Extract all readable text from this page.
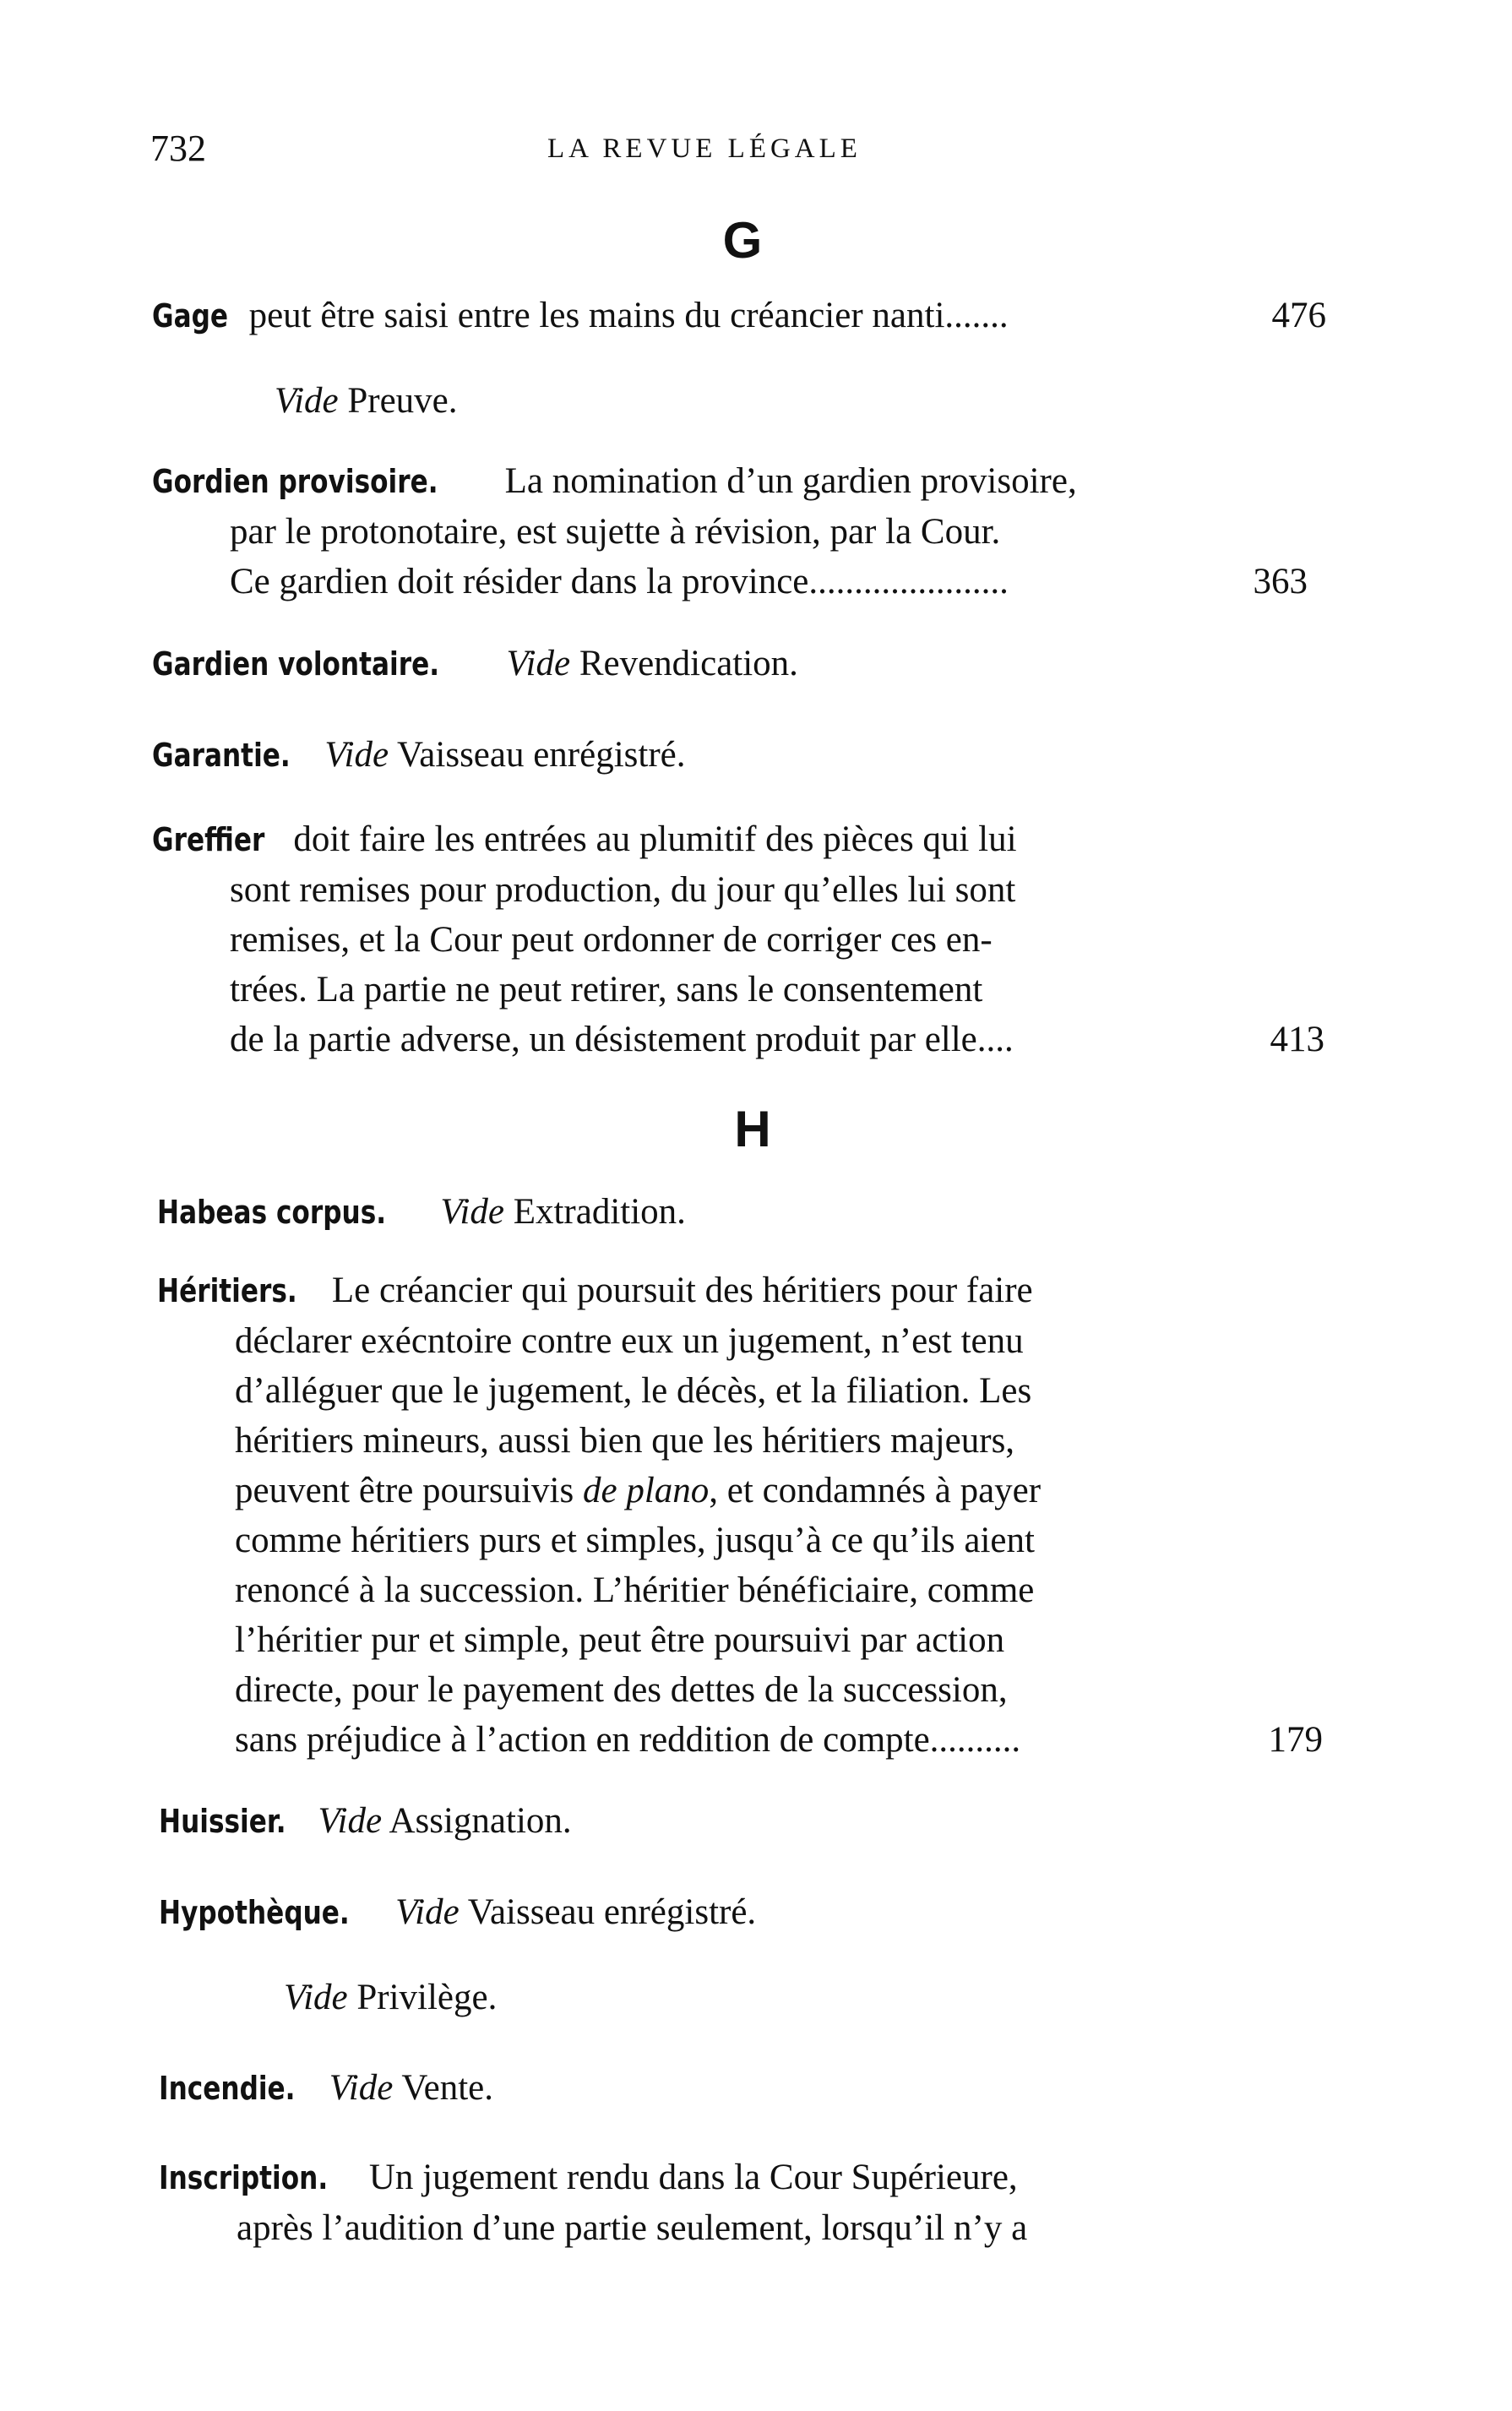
732	LA REVUE LÉGALE
G
Gage peut être saisi entre les mains du créancier nanti.......	476
Vide Preuve.
Gordien provisoire. La nomination d’un gardien provisoire,
par le protonotaire, est sujette à révision, par la Cour.
Ce gardien doit résider dans la province......................	363
Gardien volontaire. Vide Revendication.
Garantie. Vide Vaisseau enrégistré.
Greffier doit faire les entrées au plumitif des pièces qui lui
sont remises pour production, du jour qu’elles lui sont
remises, et la Cour peut ordonner de corriger ces en-
trées. La partie ne peut retirer, sans le consentement
de la partie adverse, un désistement produit par elle....	413
H
Habeas corpus. Vide Extradition.
Héritiers. Le créancier qui poursuit des héritiers pour faire
déclarer exécntoire contre eux un jugement, n’est tenu
d’alléguer que le jugement, le décès, et la filiation. Les
héritiers mineurs, aussi bien que les héritiers majeurs,
peuvent être poursuivis de plano, et condamnés à payer
comme héritiers purs et simples, jusqu’à ce qu’ils aient
renoncé à la succession. L’héritier bénéficiaire, comme
l’héritier pur et simple, peut être poursuivi par action
directe, pour le payement des dettes de la succession,
sans préjudice à l’action en reddition de compte..........	179
Huissier. Vide Assignation.
Hypothèque. Vide Vaisseau enrégistré.
Vide Privilège.
Incendie. Vide Vente.
Inscription. Un jugement rendu dans la Cour Supérieure,
après l’audition d’une partie seulement, lorsqu’il n’y a
